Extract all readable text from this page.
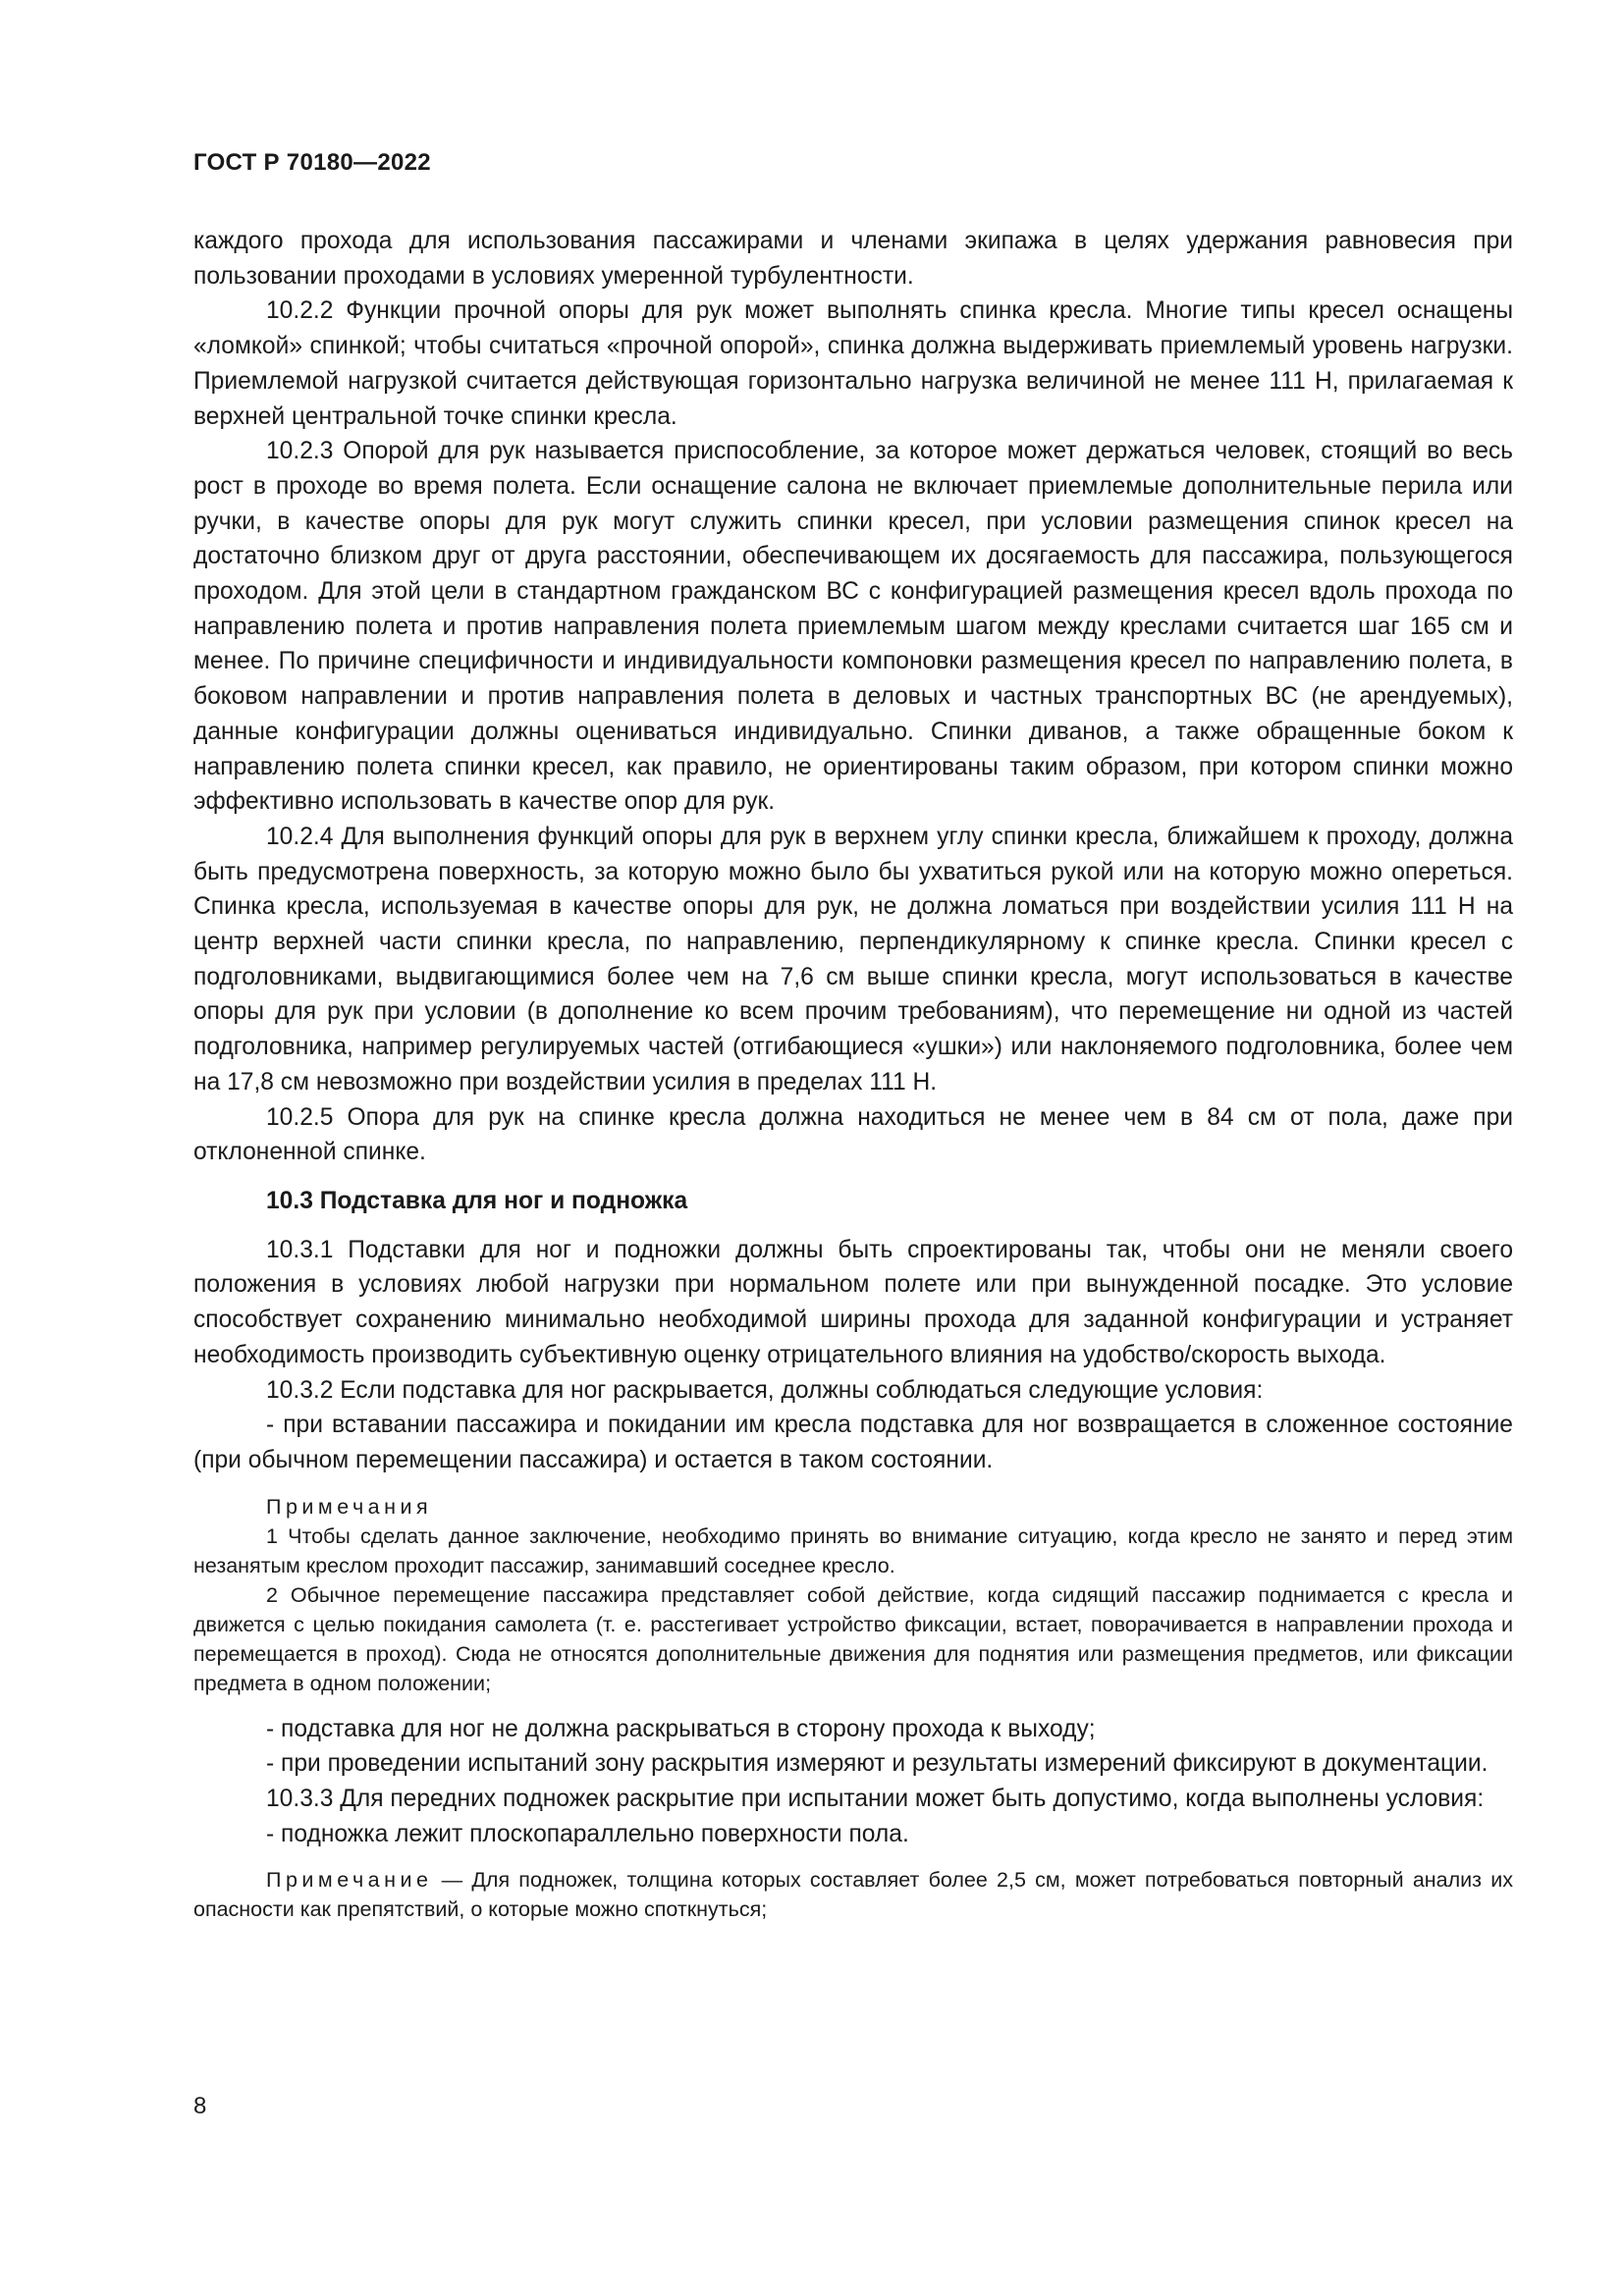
ГОСТ Р 70180—2022

каждого прохода для использования пассажирами и членами экипажа в целях удержания равновесия при пользовании проходами в условиях умеренной турбулентности.

10.2.2 Функции прочной опоры для рук может выполнять спинка кресла. Многие типы кресел оснащены «ломкой» спинкой; чтобы считаться «прочной опорой», спинка должна выдерживать приемлемый уровень нагрузки. Приемлемой нагрузкой считается действующая горизонтально нагрузка величиной не менее 111 Н, прилагаемая к верхней центральной точке спинки кресла.

10.2.3 Опорой для рук называется приспособление, за которое может держаться человек, стоящий во весь рост в проходе во время полета. Если оснащение салона не включает приемлемые дополнительные перила или ручки, в качестве опоры для рук могут служить спинки кресел, при условии размещения спинок кресел на достаточно близком друг от друга расстоянии, обеспечивающем их досягаемость для пассажира, пользующегося проходом. Для этой цели в стандартном гражданском ВС с конфигурацией размещения кресел вдоль прохода по направлению полета и против направления полета приемлемым шагом между креслами считается шаг 165 см и менее. По причине специфичности и индивидуальности компоновки размещения кресел по направлению полета, в боковом направлении и против направления полета в деловых и частных транспортных ВС (не арендуемых), данные конфигурации должны оцениваться индивидуально. Спинки диванов, а также обращенные боком к направлению полета спинки кресел, как правило, не ориентированы таким образом, при котором спинки можно эффективно использовать в качестве опор для рук.

10.2.4 Для выполнения функций опоры для рук в верхнем углу спинки кресла, ближайшем к проходу, должна быть предусмотрена поверхность, за которую можно было бы ухватиться рукой или на которую можно опереться. Спинка кресла, используемая в качестве опоры для рук, не должна ломаться при воздействии усилия 111 Н на центр верхней части спинки кресла, по направлению, перпендикулярному к спинке кресла. Спинки кресел с подголовниками, выдвигающимися более чем на 7,6 см выше спинки кресла, могут использоваться в качестве опоры для рук при условии (в дополнение ко всем прочим требованиям), что перемещение ни одной из частей подголовника, например регулируемых частей (отгибающиеся «ушки») или наклоняемого подголовника, более чем на 17,8 см невозможно при воздействии усилия в пределах 111 Н.

10.2.5 Опора для рук на спинке кресла должна находиться не менее чем в 84 см от пола, даже при отклоненной спинке.

10.3 Подставка для ног и подножка

10.3.1 Подставки для ног и подножки должны быть спроектированы так, чтобы они не меняли своего положения в условиях любой нагрузки при нормальном полете или при вынужденной посадке. Это условие способствует сохранению минимально необходимой ширины прохода для заданной конфигурации и устраняет необходимость производить субъективную оценку отрицательного влияния на удобство/скорость выхода.

10.3.2 Если подставка для ног раскрывается, должны соблюдаться следующие условия:

- при вставании пассажира и покидании им кресла подставка для ног возвращается в сложенное состояние (при обычном перемещении пассажира) и остается в таком состоянии.

Примечания

1 Чтобы сделать данное заключение, необходимо принять во внимание ситуацию, когда кресло не занято и перед этим незанятым креслом проходит пассажир, занимавший соседнее кресло.

2 Обычное перемещение пассажира представляет собой действие, когда сидящий пассажир поднимается с кресла и движется с целью покидания самолета (т. е. расстегивает устройство фиксации, встает, поворачивается в направлении прохода и перемещается в проход). Сюда не относятся дополнительные движения для поднятия или размещения предметов, или фиксации предмета в одном положении;

- подставка для ног не должна раскрываться в сторону прохода к выходу;

- при проведении испытаний зону раскрытия измеряют и результаты измерений фиксируют в документации.

10.3.3 Для передних подножек раскрытие при испытании может быть допустимо, когда выполнены условия:

- подножка лежит плоскопараллельно поверхности пола.

Примечание — Для подножек, толщина которых составляет более 2,5 см, может потребоваться повторный анализ их опасности как препятствий, о которые можно споткнуться;

8
